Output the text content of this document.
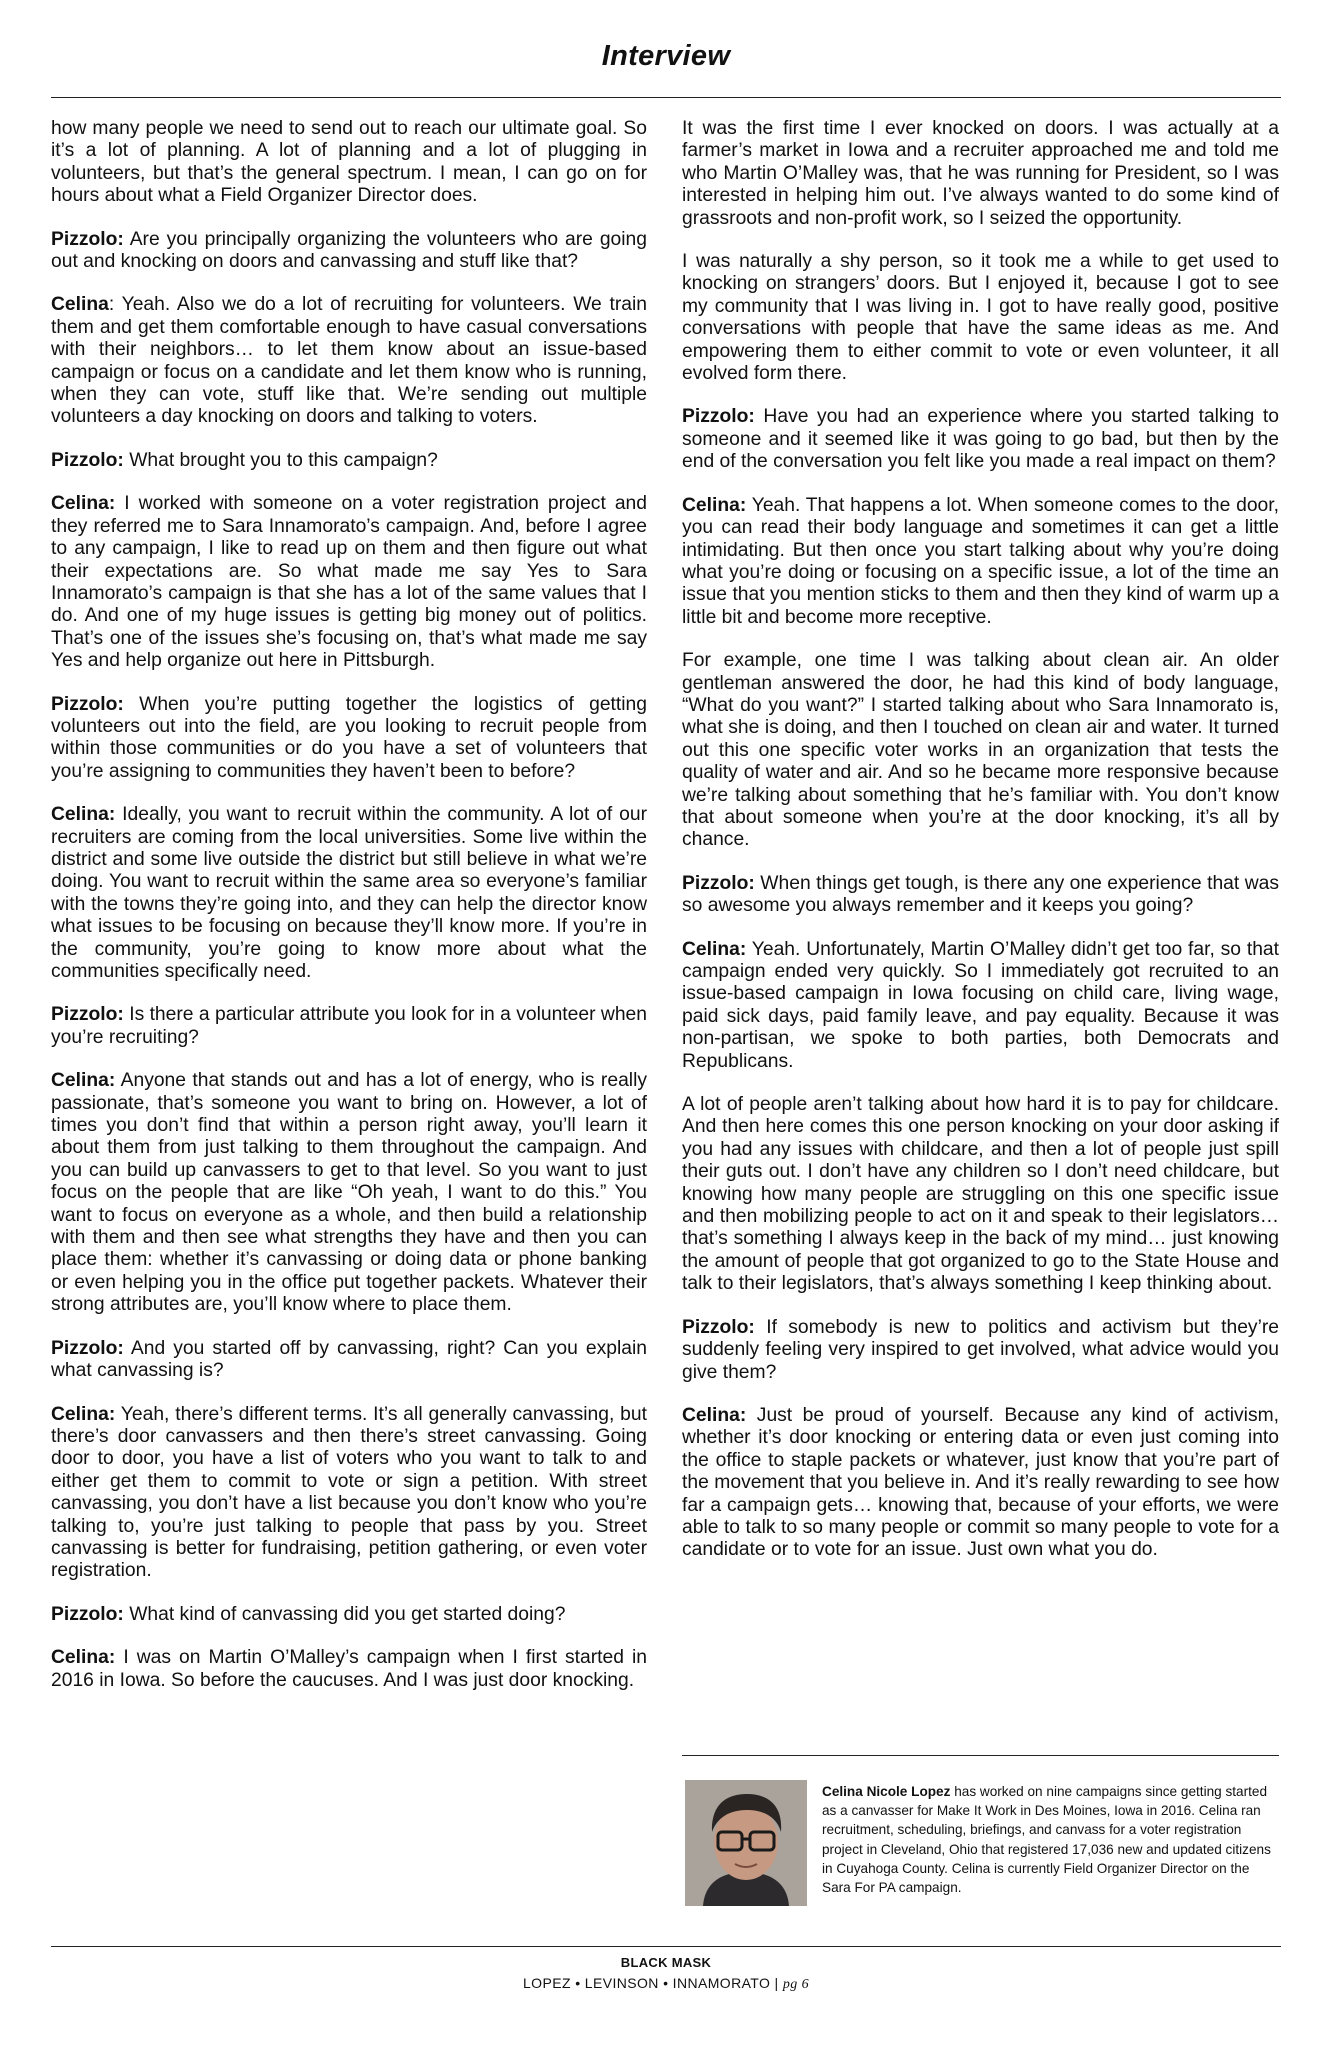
Interview

how many people we need to send out to reach our ultimate goal. So it’s a lot of planning. A lot of planning and a lot of plugging in volunteers, but that’s the general spectrum. I mean, I can go on for hours about what a Field Organizer Director does.

Pizzolo: Are you principally organizing the volunteers who are going out and knocking on doors and canvassing and stuff like that?

Celina: Yeah. Also we do a lot of recruiting for volunteers. We train them and get them comfortable enough to have casual conversations with their neighbors… to let them know about an issue-based campaign or focus on a candidate and let them know who is running, when they can vote, stuff like that. We’re sending out multiple volunteers a day knocking on doors and talking to voters.

Pizzolo: What brought you to this campaign?

Celina: I worked with someone on a voter registration project and they referred me to Sara Innamorato’s campaign. And, before I agree to any campaign, I like to read up on them and then figure out what their expectations are. So what made me say Yes to Sara Innamorato’s campaign is that she has a lot of the same values that I do. And one of my huge issues is getting big money out of politics. That’s one of the issues she’s focusing on, that’s what made me say Yes and help organize out here in Pittsburgh.

Pizzolo: When you’re putting together the logistics of getting volunteers out into the field, are you looking to recruit people from within those communities or do you have a set of volunteers that you’re assigning to communities they haven’t been to before?

Celina: Ideally, you want to recruit within the community. A lot of our recruiters are coming from the local universities. Some live within the district and some live outside the district but still believe in what we’re doing. You want to recruit within the same area so everyone’s familiar with the towns they’re going into, and they can help the director know what issues to be focusing on because they’ll know more. If you’re in the community, you’re going to know more about what the communities specifically need.

Pizzolo: Is there a particular attribute you look for in a volunteer when you’re recruiting?

Celina: Anyone that stands out and has a lot of energy, who is really passionate, that’s someone you want to bring on. However, a lot of times you don’t find that within a person right away, you’ll learn it about them from just talking to them throughout the campaign. And you can build up canvassers to get to that level. So you want to just focus on the people that are like “Oh yeah, I want to do this.” You want to focus on everyone as a whole, and then build a relationship with them and then see what strengths they have and then you can place them: whether it’s canvassing or doing data or phone banking or even helping you in the office put together packets. Whatever their strong attributes are, you’ll know where to place them.

Pizzolo: And you started off by canvassing, right? Can you explain what canvassing is?

Celina: Yeah, there’s different terms. It’s all generally canvassing, but there’s door canvassers and then there’s street canvassing. Going door to door, you have a list of voters who you want to talk to and either get them to commit to vote or sign a petition. With street canvassing, you don’t have a list because you don’t know who you’re talking to, you’re just talking to people that pass by you. Street canvassing is better for fundraising, petition gathering, or even voter registration.

Pizzolo: What kind of canvassing did you get started doing?

Celina: I was on Martin O’Malley’s campaign when I first started in 2016 in Iowa. So before the caucuses. And I was just door knocking.

It was the first time I ever knocked on doors. I was actually at a farmer’s market in Iowa and a recruiter approached me and told me who Martin O’Malley was, that he was running for President, so I was interested in helping him out. I’ve always wanted to do some kind of grassroots and non-profit work, so I seized the opportunity.

I was naturally a shy person, so it took me a while to get used to knocking on strangers’ doors. But I enjoyed it, because I got to see my community that I was living in. I got to have really good, positive conversations with people that have the same ideas as me. And empowering them to either commit to vote or even volunteer, it all evolved form there.

Pizzolo: Have you had an experience where you started talking to someone and it seemed like it was going to go bad, but then by the end of the conversation you felt like you made a real impact on them?

Celina: Yeah. That happens a lot. When someone comes to the door, you can read their body language and sometimes it can get a little intimidating. But then once you start talking about why you’re doing what you’re doing or focusing on a specific issue, a lot of the time an issue that you mention sticks to them and then they kind of warm up a little bit and become more receptive.

For example, one time I was talking about clean air. An older gentleman answered the door, he had this kind of body language, “What do you want?” I started talking about who Sara Innamorato is, what she is doing, and then I touched on clean air and water. It turned out this one specific voter works in an organization that tests the quality of water and air. And so he became more responsive because we’re talking about something that he’s familiar with. You don’t know that about someone when you’re at the door knocking, it’s all by chance.

Pizzolo: When things get tough, is there any one experience that was so awesome you always remember and it keeps you going?

Celina: Yeah. Unfortunately, Martin O’Malley didn’t get too far, so that campaign ended very quickly. So I immediately got recruited to an issue-based campaign in Iowa focusing on child care, living wage, paid sick days, paid family leave, and pay equality. Because it was non-partisan, we spoke to both parties, both Democrats and Republicans.

A lot of people aren’t talking about how hard it is to pay for childcare. And then here comes this one person knocking on your door asking if you had any issues with childcare, and then a lot of people just spill their guts out. I don’t have any children so I don’t need childcare, but knowing how many people are struggling on this one specific issue and then mobilizing people to act on it and speak to their legislators… that’s something I always keep in the back of my mind… just knowing the amount of people that got organized to go to the State House and talk to their legislators, that’s always something I keep thinking about.

Pizzolo: If somebody is new to politics and activism but they’re suddenly feeling very inspired to get involved, what advice would you give them?

Celina: Just be proud of yourself. Because any kind of activism, whether it’s door knocking or entering data or even just coming into the office to staple packets or whatever, just know that you’re part of the movement that you believe in. And it’s really rewarding to see how far a campaign gets… knowing that, because of your efforts, we were able to talk to so many people or commit so many people to vote for a candidate or to vote for an issue. Just own what you do.

Celina Nicole Lopez has worked on nine campaigns since getting started as a canvasser for Make It Work in Des Moines, Iowa in 2016. Celina ran recruitment, scheduling, briefings, and canvass for a voter registration project in Cleveland, Ohio that registered 17,036 new and updated citizens in Cuyahoga County. Celina is currently Field Organizer Director on the Sara For PA campaign.
BLACK MASK
LOPEZ • LEVINSON • INNAMORATO | pg 6
